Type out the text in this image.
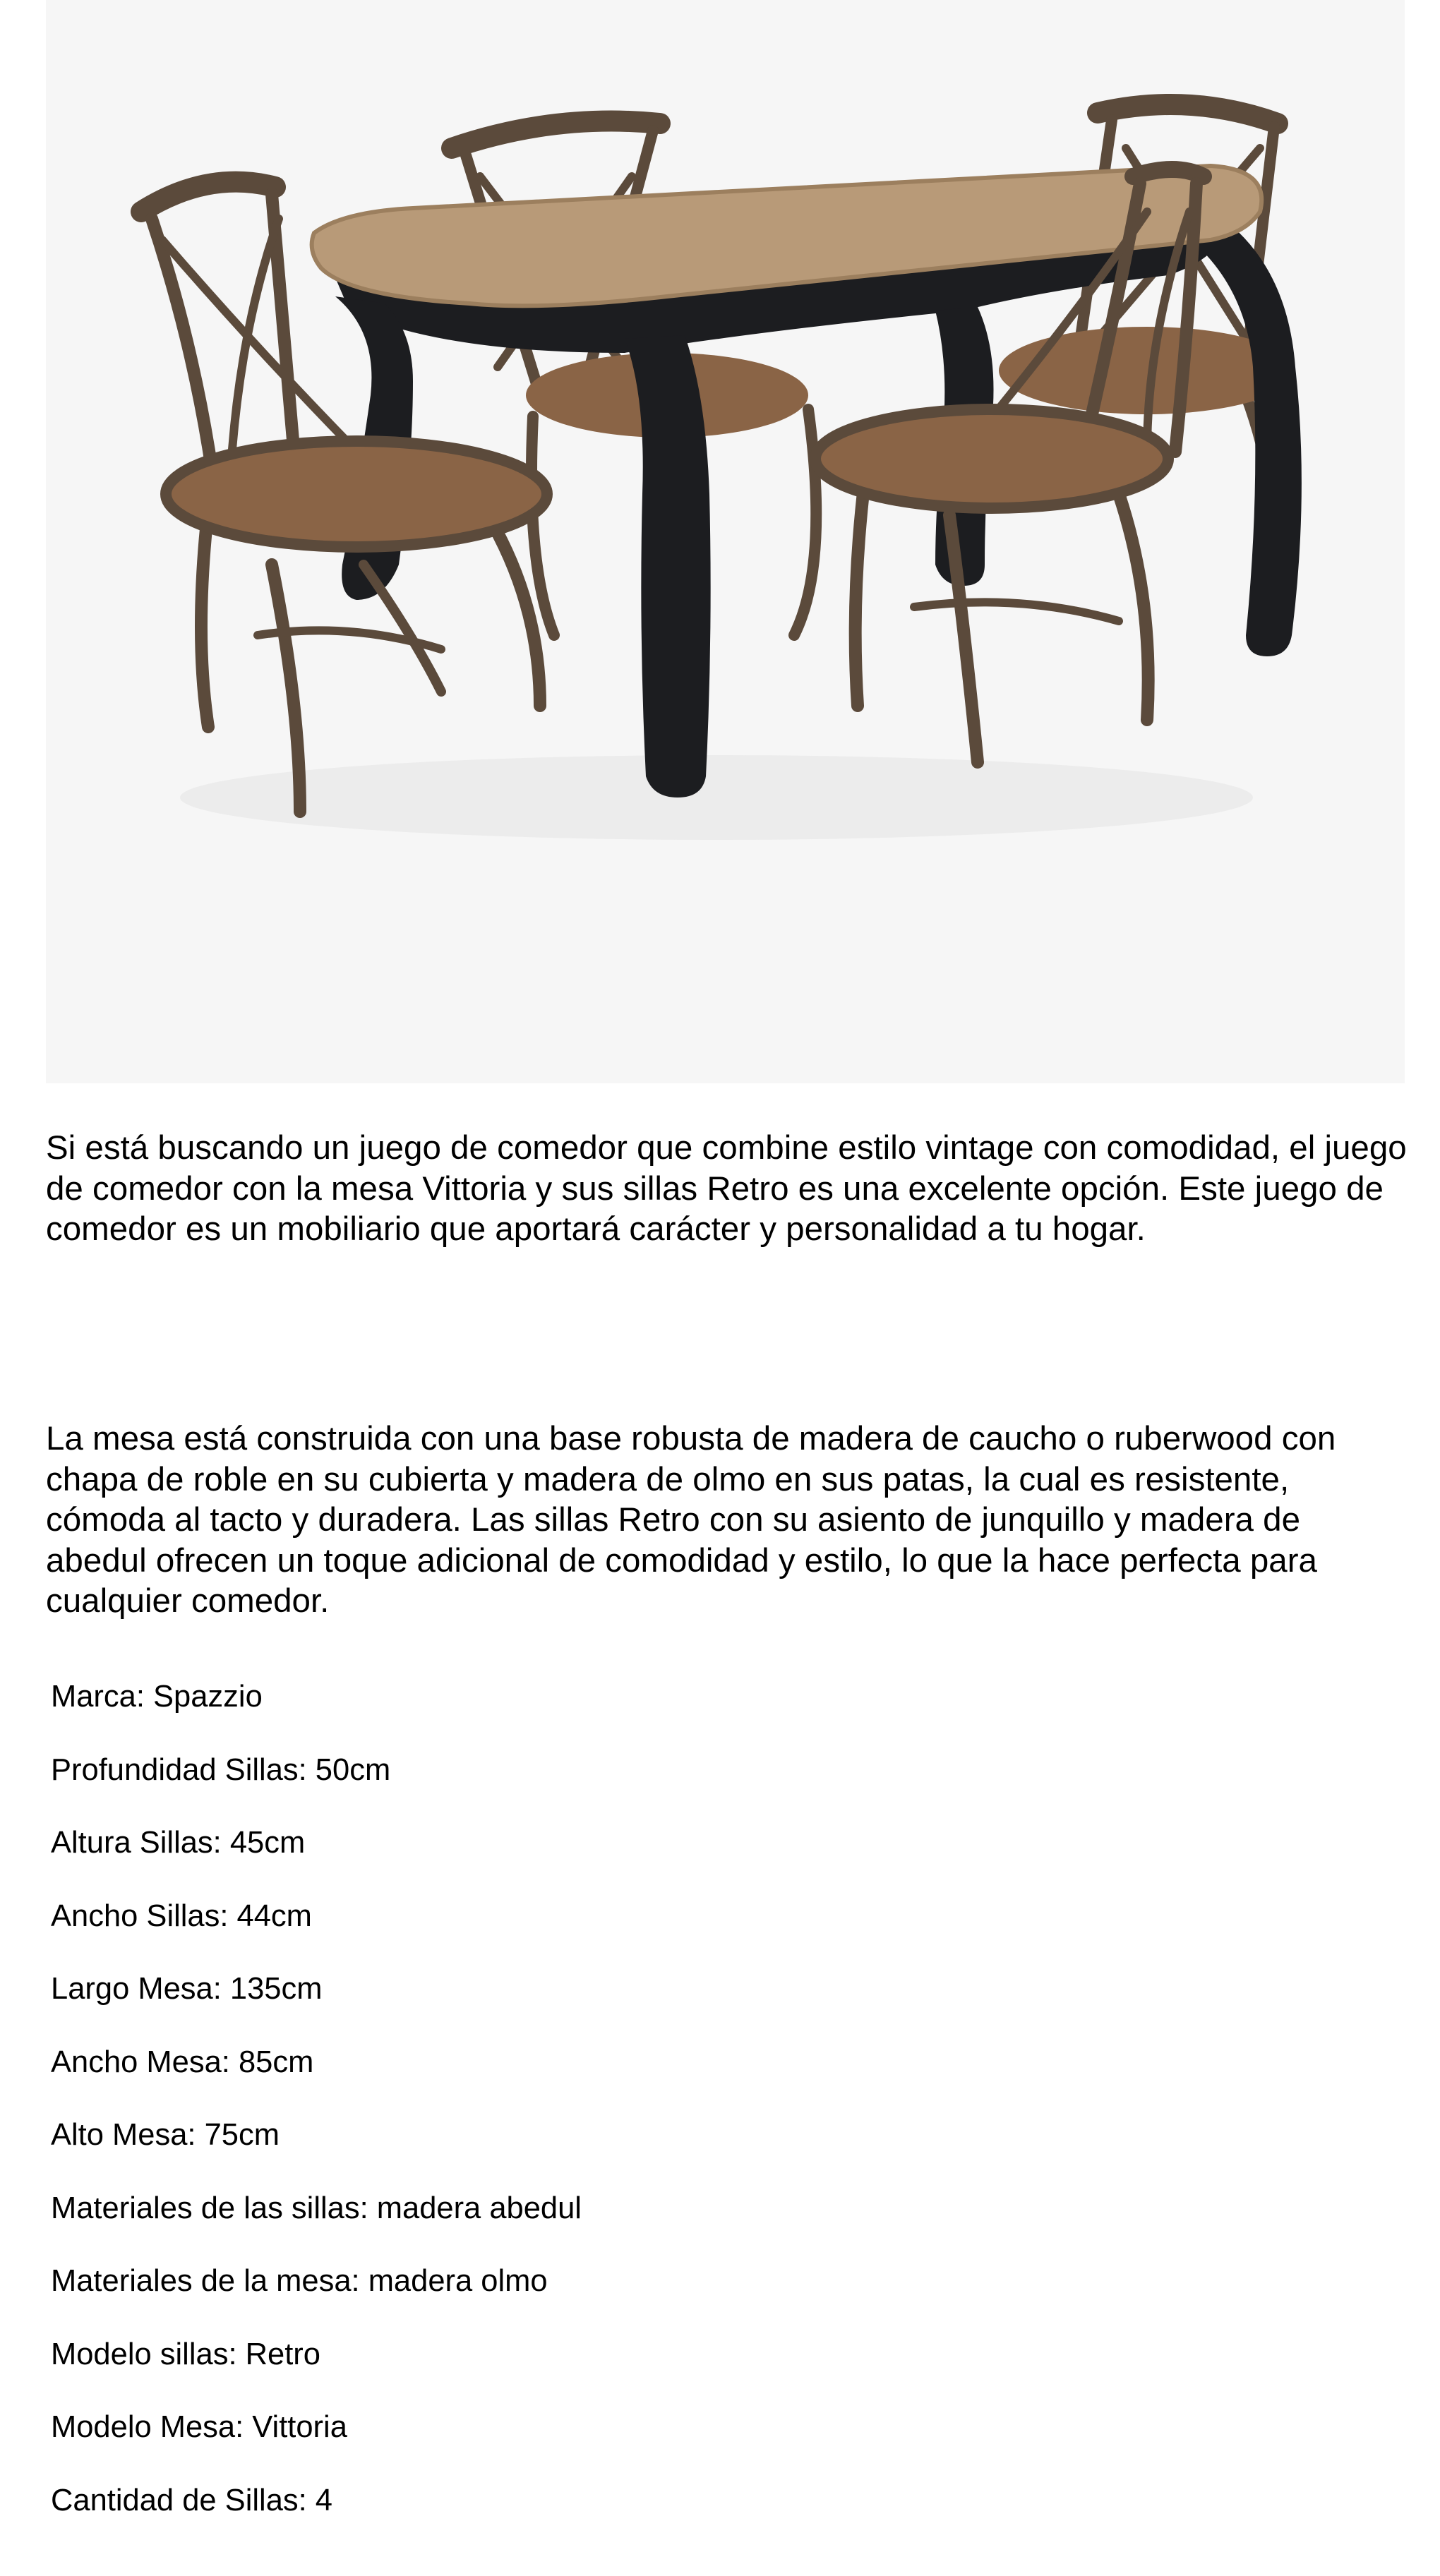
Si está buscando un juego de comedor que combine estilo vintage con comodidad, el juego de comedor con la mesa Vittoria y sus sillas Retro es una excelente opción. Este juego de comedor es un mobiliario que aportará carácter y personalidad a tu hogar.

La mesa está construida con una base robusta de madera de caucho o ruberwood con chapa de roble en su cubierta y madera de olmo en sus patas, la cual es resistente, cómoda al tacto y duradera. Las sillas Retro con su asiento de junquillo y madera de abedul ofrecen un toque adicional de comodidad y estilo, lo que la hace perfecta para cualquier comedor.

Marca: Spazzio
Profundidad Sillas: 50cm
Altura Sillas: 45cm
Ancho Sillas: 44cm
Largo Mesa: 135cm
Ancho Mesa: 85cm
Alto Mesa: 75cm
Materiales de las sillas: madera abedul
Materiales de la mesa: madera olmo
Modelo sillas: Retro
Modelo Mesa: Vittoria
Cantidad de Sillas: 4
